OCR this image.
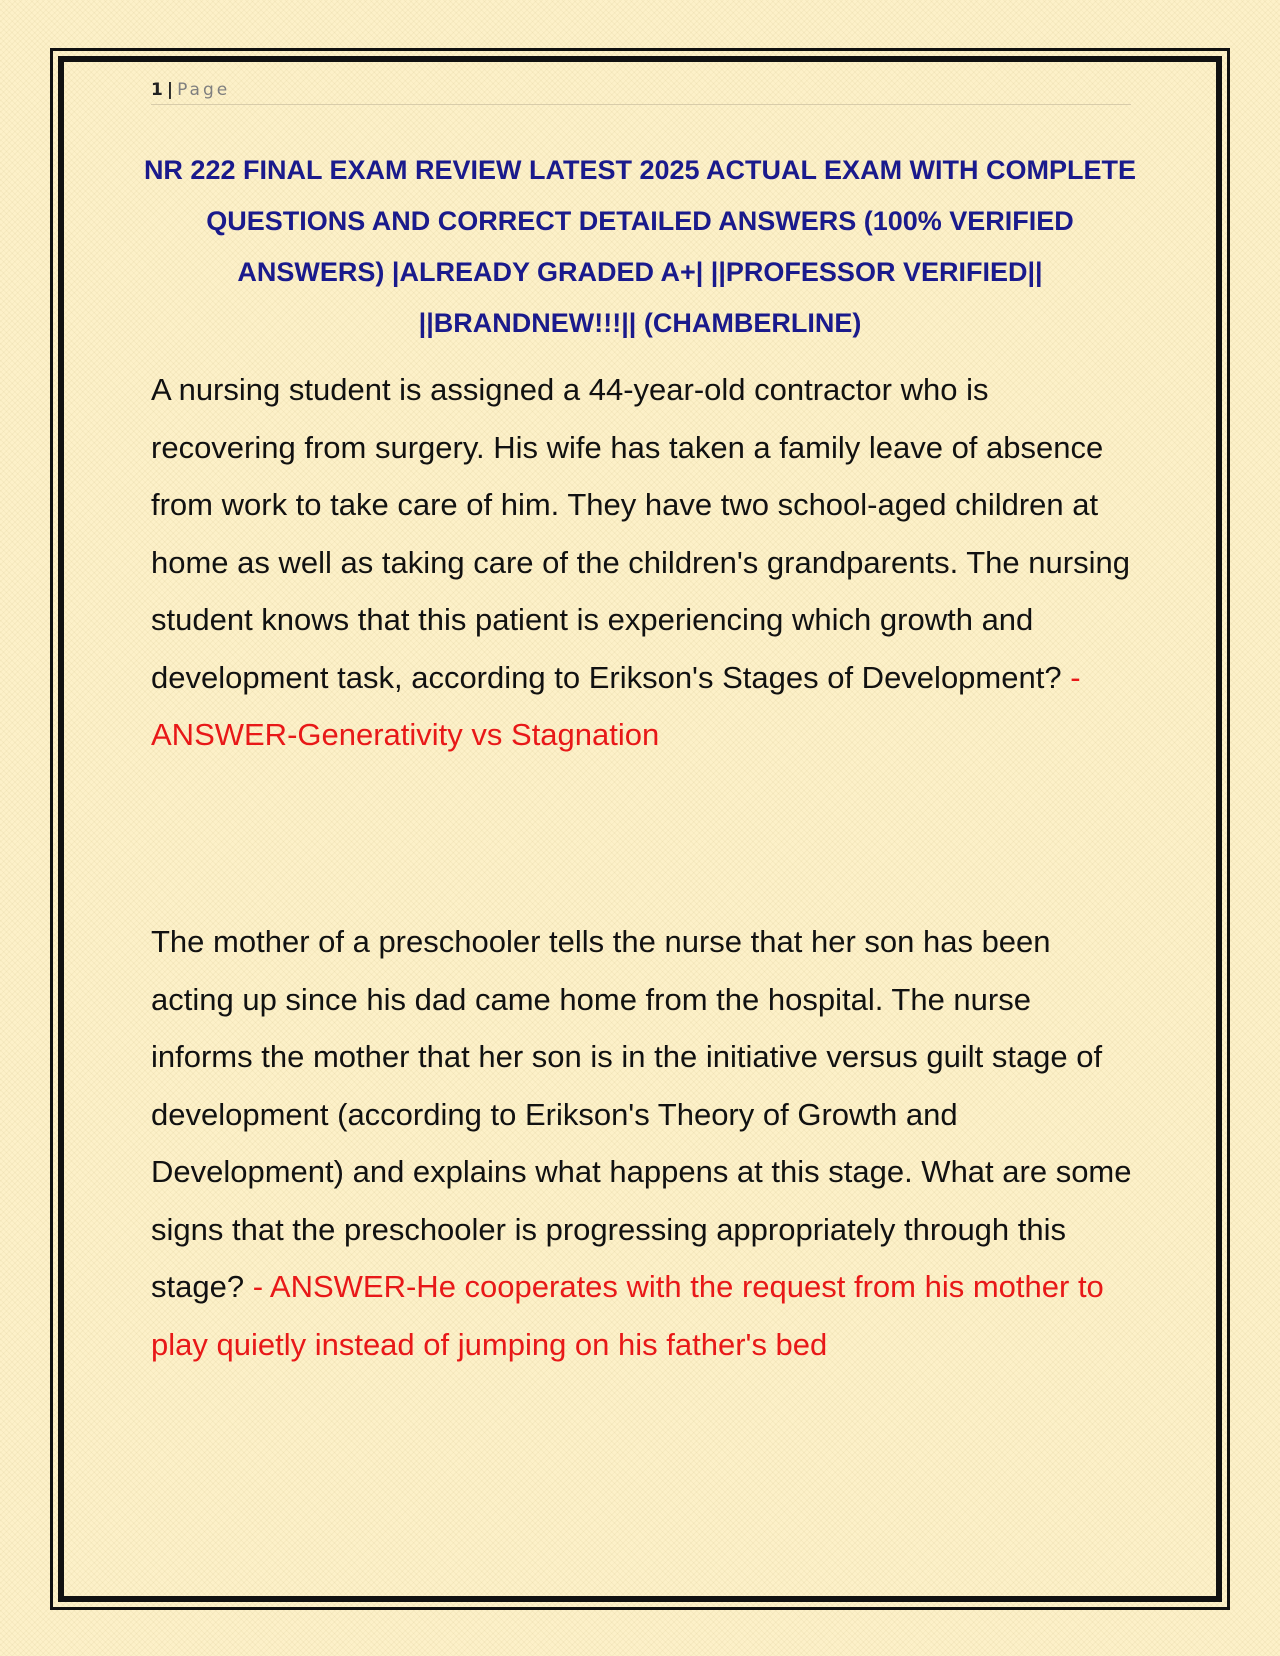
1 | Page
NR 222 FINAL EXAM REVIEW LATEST 2025 ACTUAL EXAM WITH COMPLETE QUESTIONS AND CORRECT DETAILED ANSWERS (100% VERIFIED ANSWERS) |ALREADY GRADED A+| ||PROFESSOR VERIFIED|| ||BRANDNEW!!!|| (CHAMBERLINE)

A nursing student is assigned a 44-year-old contractor who is recovering from surgery. His wife has taken a family leave of absence from work to take care of him. They have two school-aged children at home as well as taking care of the children's grandparents. The nursing student knows that this patient is experiencing which growth and development task, according to Erikson's Stages of Development? - ANSWER-Generativity vs Stagnation

The mother of a preschooler tells the nurse that her son has been acting up since his dad came home from the hospital. The nurse informs the mother that her son is in the initiative versus guilt stage of development (according to Erikson's Theory of Growth and Development) and explains what happens at this stage. What are some signs that the preschooler is progressing appropriately through this stage? - ANSWER-He cooperates with the request from his mother to play quietly instead of jumping on his father's bed
